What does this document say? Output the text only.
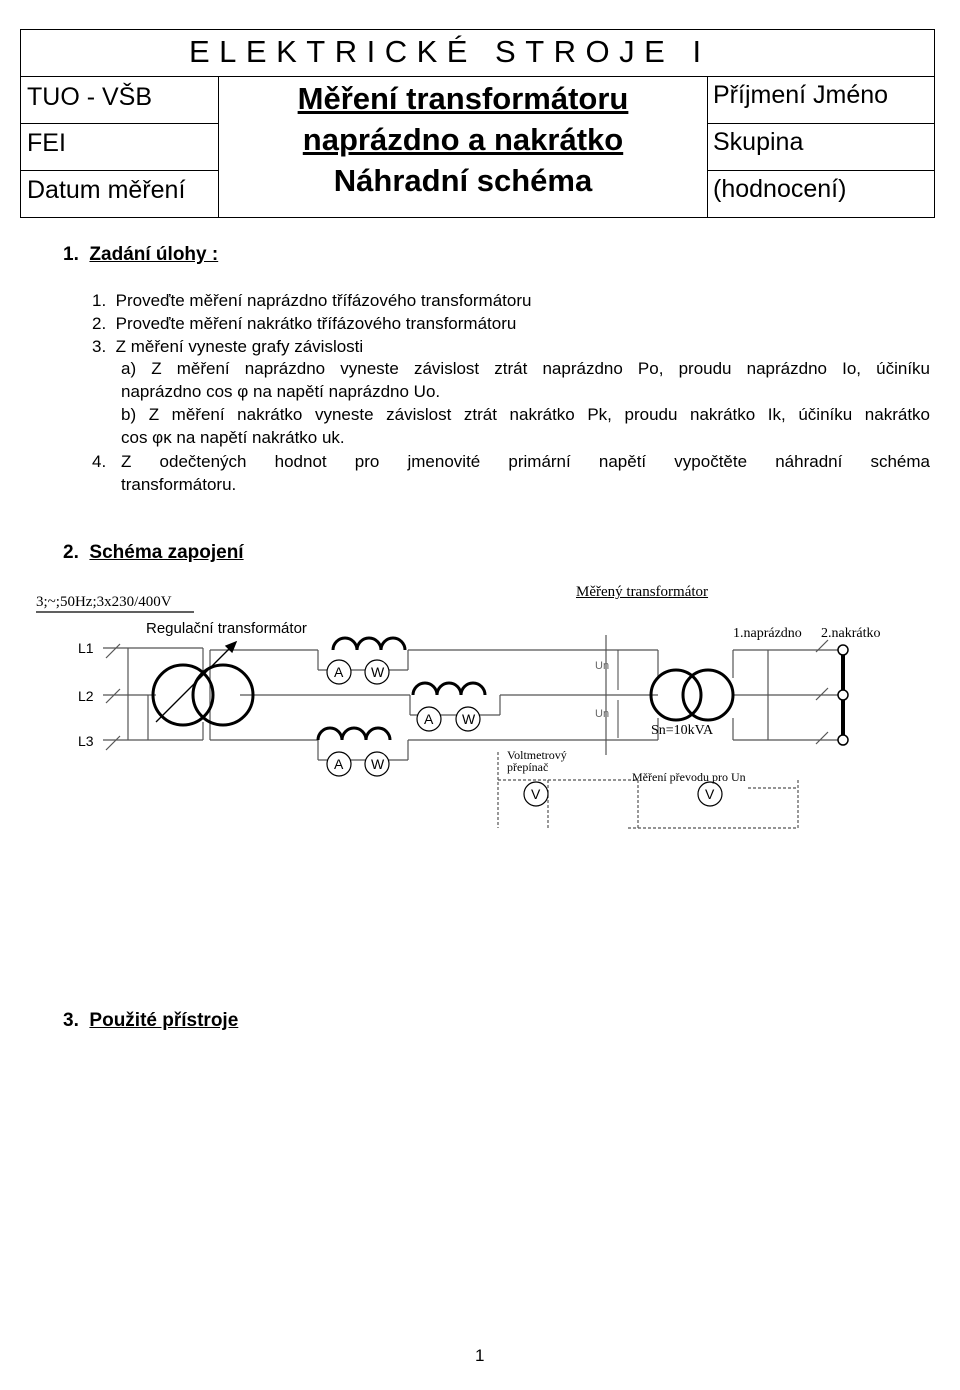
ELEKTRICKÉ STROJE I
TUO - VŠB
FEI
Datum měření
Měření transformátoru
naprázdno a nakrátko
Náhradní schéma
Příjmení Jméno
Skupina
(hodnocení)
1. Zadání úlohy :
1. Proveďte měření naprázdno třífázového transformátoru
2. Proveďte měření nakrátko třífázového transformátoru
3. Z měření vyneste grafy závislosti
a) Z měření naprázdno vyneste závislost ztrát naprázdno Po, proudu naprázdno Io, účiníku
naprázdno cos φ na napětí naprázdno Uo.
b) Z měření nakrátko vyneste závislost ztrát nakrátko Pk, proudu nakrátko Ik, účiníku nakrátko
cos φκ na napětí nakrátko uk.
4. Z odečtených hodnot pro jmenovité primární napětí vypočtěte náhradní schéma
transformátoru.
2. Schéma zapojení
3;~;50Hz;3x230/400V
Regulační transformátor
Měřený transformátor
L1
L2
L3
A W
A W
A W
V	V
Un
Un
1.naprázdno 2.nakrátko
Sn=10kVA
Voltmetrový
přepínač
Měření převodu pro Un
3. Použité přístroje
1
